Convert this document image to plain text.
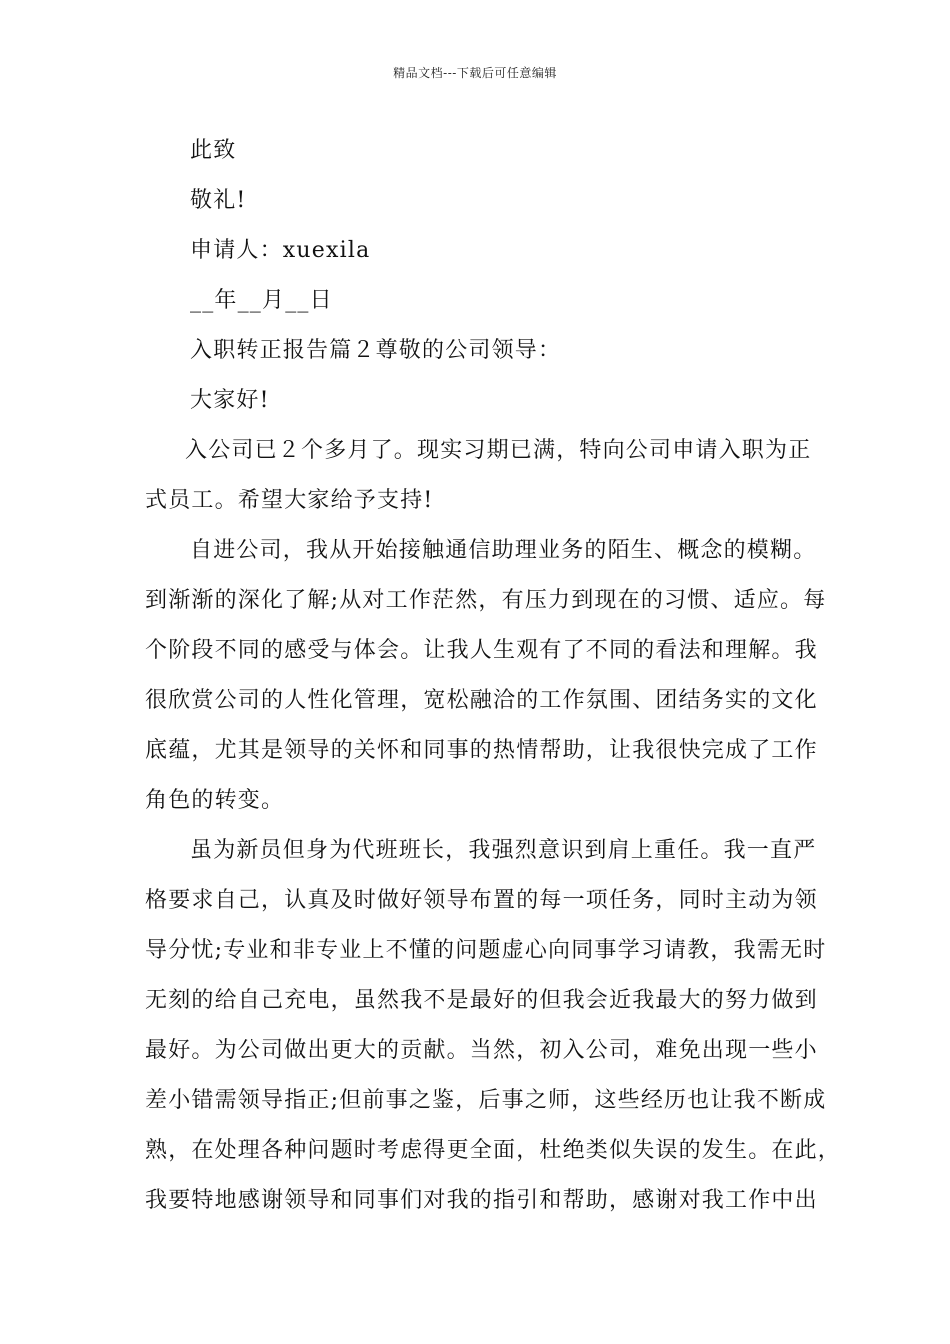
精品文档---下载后可任意编辑
此致
敬礼!
申请人：xuexila
__年__月__日
入职转正报告篇２尊敬的公司领导：
大家好!
入公司已２个多月了。现实习期已满，特向公司申请入职为正
式员工。希望大家给予支持!
自进公司，我从开始接触通信助理业务的陌生、概念的模糊。
到渐渐的深化了解;从对工作茫然，有压力到现在的习惯、适应。每
个阶段不同的感受与体会。让我人生观有了不同的看法和理解。我
很欣赏公司的人性化管理，宽松融洽的工作氛围、团结务实的文化
底蕴，尤其是领导的关怀和同事的热情帮助，让我很快完成了工作
角色的转变。
虽为新员但身为代班班长，我强烈意识到肩上重任。我一直严
格要求自己，认真及时做好领导布置的每一项任务，同时主动为领
导分忧;专业和非专业上不懂的问题虚心向同事学习请教，我需无时
无刻的给自己充电，虽然我不是最好的但我会近我最大的努力做到
最好。为公司做出更大的贡献。当然，初入公司，难免出现一些小
差小错需领导指正;但前事之鉴，后事之师，这些经历也让我不断成
熟，在处理各种问题时考虑得更全面，杜绝类似失误的发生。在此，
我要特地感谢领导和同事们对我的指引和帮助，感谢对我工作中出
